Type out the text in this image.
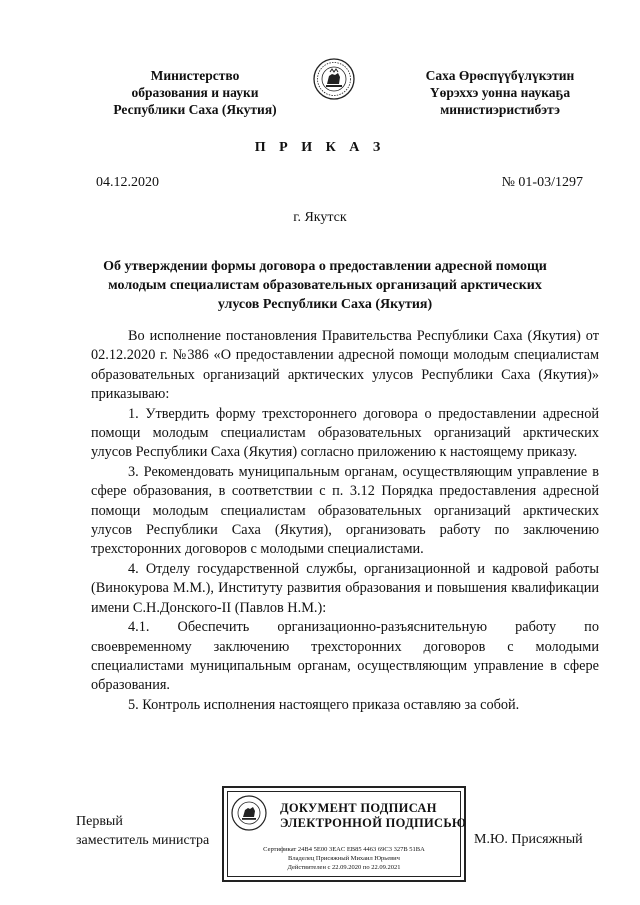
Министерство
образования и науки
Республики Саха (Якутия)
Саха Өрөспүүбүлүкэтин
Үөрэххэ уонна наукаҕа
министиэристибэтэ
П Р И К А З
04.12.2020	№ 01-03/1297
г. Якутск
Об утверждении формы договора о предоставлении адресной помощи молодым специалистам образовательных организаций арктических улусов Республики Саха (Якутия)

Во исполнение постановления Правительства Республики Саха (Якутия) от 02.12.2020 г. №386 «О предоставлении адресной помощи молодым специалистам образовательных организаций арктических улусов Республики Саха (Якутия)» приказываю:

1. Утвердить форму трехстороннего договора о предоставлении адресной помощи молодым специалистам образовательных организаций арктических улусов Республики Саха (Якутия) согласно приложению к настоящему приказу.

3. Рекомендовать муниципальным органам, осуществляющим управление в сфере образования, в соответствии с п. 3.12 Порядка предоставления адресной помощи молодым специалистам образовательных организаций арктических улусов Республики Саха (Якутия), организовать работу по заключению трехсторонних договоров с молодыми специалистами.

4. Отделу государственной службы, организационной и кадровой работы (Винокурова М.М.), Институту развития образования и повышения квалификации имени С.Н.Донского-II (Павлов Н.М.):

4.1. Обеспечить организационно-разъяснительную работу по своевременному заключению трехсторонних договоров с молодыми специалистами муниципальным органам, осуществляющим управление в сфере образования.

5. Контроль исполнения настоящего приказа оставляю за собой.

Первый
заместитель министра
ДОКУМЕНТ ПОДПИСАН
ЭЛЕКТРОННОЙ ПОДПИСЬЮ
Сертификат 24B4 5E00 3EAC EB85 4463 69C3 327B 51BA
Владелец Присяжный Михаил Юрьевич
Действителен с 22.09.2020 по 22.09.2021
М.Ю. Присяжный
